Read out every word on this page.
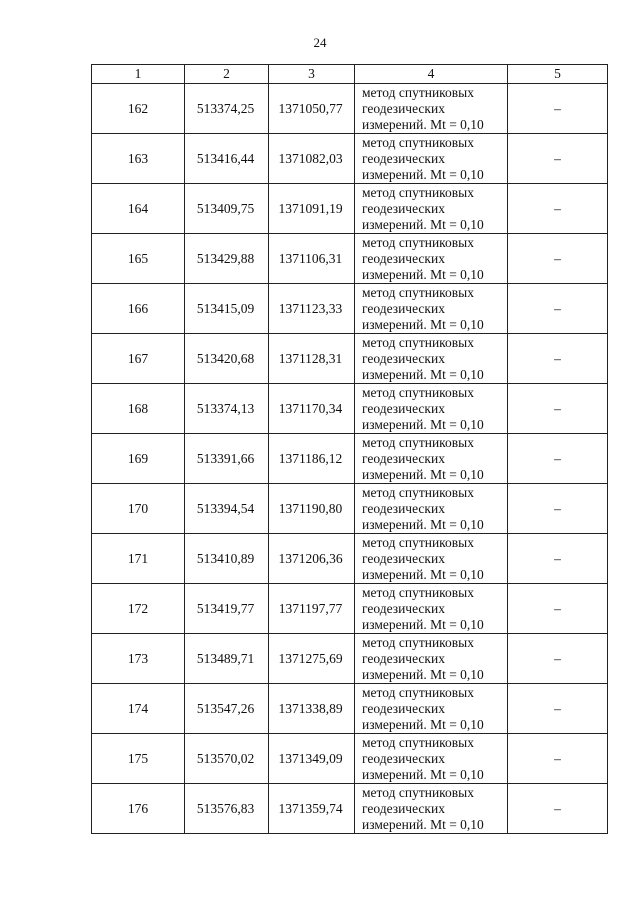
24
1	2	3	4	5
162	513374,25	1371050,77	метод спутниковых
геодезических
измерений. Mt = 0,10	–
163	513416,44	1371082,03	метод спутниковых
геодезических
измерений. Mt = 0,10	–
164	513409,75	1371091,19	метод спутниковых
геодезических
измерений. Mt = 0,10	–
165	513429,88	1371106,31	метод спутниковых
геодезических
измерений. Mt = 0,10	–
166	513415,09	1371123,33	метод спутниковых
геодезических
измерений. Mt = 0,10	–
167	513420,68	1371128,31	метод спутниковых
геодезических
измерений. Mt = 0,10	–
168	513374,13	1371170,34	метод спутниковых
геодезических
измерений. Mt = 0,10	–
169	513391,66	1371186,12	метод спутниковых
геодезических
измерений. Mt = 0,10	–
170	513394,54	1371190,80	метод спутниковых
геодезических
измерений. Mt = 0,10	–
171	513410,89	1371206,36	метод спутниковых
геодезических
измерений. Mt = 0,10	–
172	513419,77	1371197,77	метод спутниковых
геодезических
измерений. Mt = 0,10	–
173	513489,71	1371275,69	метод спутниковых
геодезических
измерений. Mt = 0,10	–
174	513547,26	1371338,89	метод спутниковых
геодезических
измерений. Mt = 0,10	–
175	513570,02	1371349,09	метод спутниковых
геодезических
измерений. Mt = 0,10	–
176	513576,83	1371359,74	метод спутниковых
геодезических
измерений. Mt = 0,10	–
